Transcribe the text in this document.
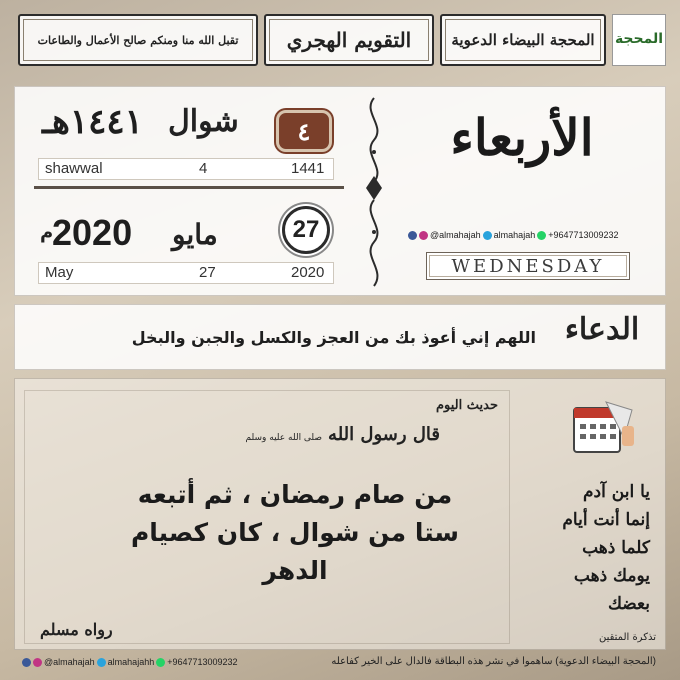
المحجة
المحجة البيضاء الدعوية
التقويم الهجري
تقبل الله منا ومنكم صالح الأعمال والطاعات
١٤٤١هـ شوال	٤
shawwal	4	1441
2020
م	مايو	27
May	27	2020
الأربعاء
@almahajah almahajah +9647713009232
WEDNESDAY
الدعاء
اللهم إني أعوذ بك من العجز والكسل والجبن والبخل
حديث اليوم
قال رسول الله
صلى الله عليه وسلم
من صام رمضان ، ثم أتبعه
ستا من شوال ، كان كصيام
الدهر
رواه مسلم
يا ابن آدم
إنما أنت أيام
كلما ذهب
يومك ذهب
بعضك
تذكرة المتقين
(المحجة البيضاء الدعوية) ساهموا في نشر هذه البطاقة فالدال على الخير كفاعله
@almahajah almahajahh +9647713009232
